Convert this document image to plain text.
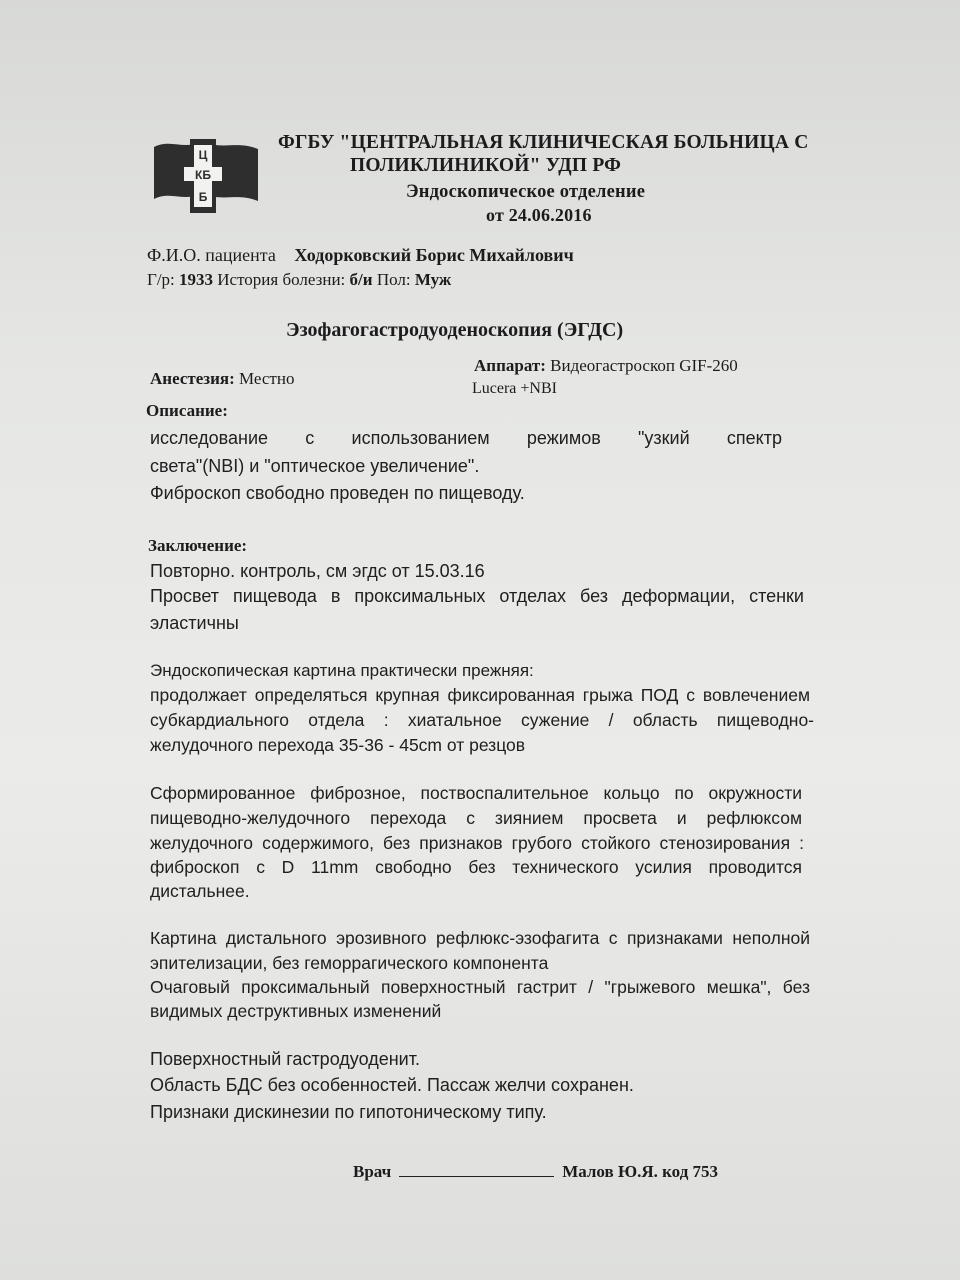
Ц
КБ
Б
ФГБУ "ЦЕНТРАЛЬНАЯ КЛИНИЧЕСКАЯ БОЛЬНИЦА С
ПОЛИКЛИНИКОЙ" УДП РФ
Эндоскопическое отделение
от 24.06.2016
Ф.И.О. пациента Ходорковский Борис Михайлович
Г/р: 1933 История болезни: б/и Пол: Муж
Эзофагогастродуоденоскопия (ЭГДС)
Анестезия: Местно
Аппарат: Видеогастроскоп GIF-260
Lucera +NBI
Описание:
исследование с использованием режимов "узкий спектр
света"(NBI) и "оптическое увеличение".
Фиброскоп свободно проведен по пищеводу.
Заключение:
Повторно. контроль, см эгдс от 15.03.16
Просвет пищевода в проксимальных отделах без деформации, стенки
эластичны
Эндоскопическая картина практически прежняя:
продолжает определяться крупная фиксированная грыжа ПОД с вовлечением
субкардиального отдела : хиатальное сужение / область пищеводно-
желудочного перехода 35-36 - 45cm от резцов
Сформированное фиброзное, поствоспалительное кольцо по окружности
пищеводно-желудочного перехода с зиянием просвета и рефлюксом
желудочного содержимого, без признаков грубого стойкого стенозирования :
фиброскоп с D 11mm свободно без технического усилия проводится
дистальнее.
Картина дистального эрозивного рефлюкс-эзофагита с признаками неполной
эпителизации, без геморрагического компонента
Очаговый проксимальный поверхностный гастрит / "грыжевого мешка", без
видимых деструктивных изменений
Поверхностный гастродуоденит.
Область БДС без особенностей. Пассаж желчи сохранен.
Признаки дискинезии по гипотоническому типу.
Врач	Малов Ю.Я. код 753
